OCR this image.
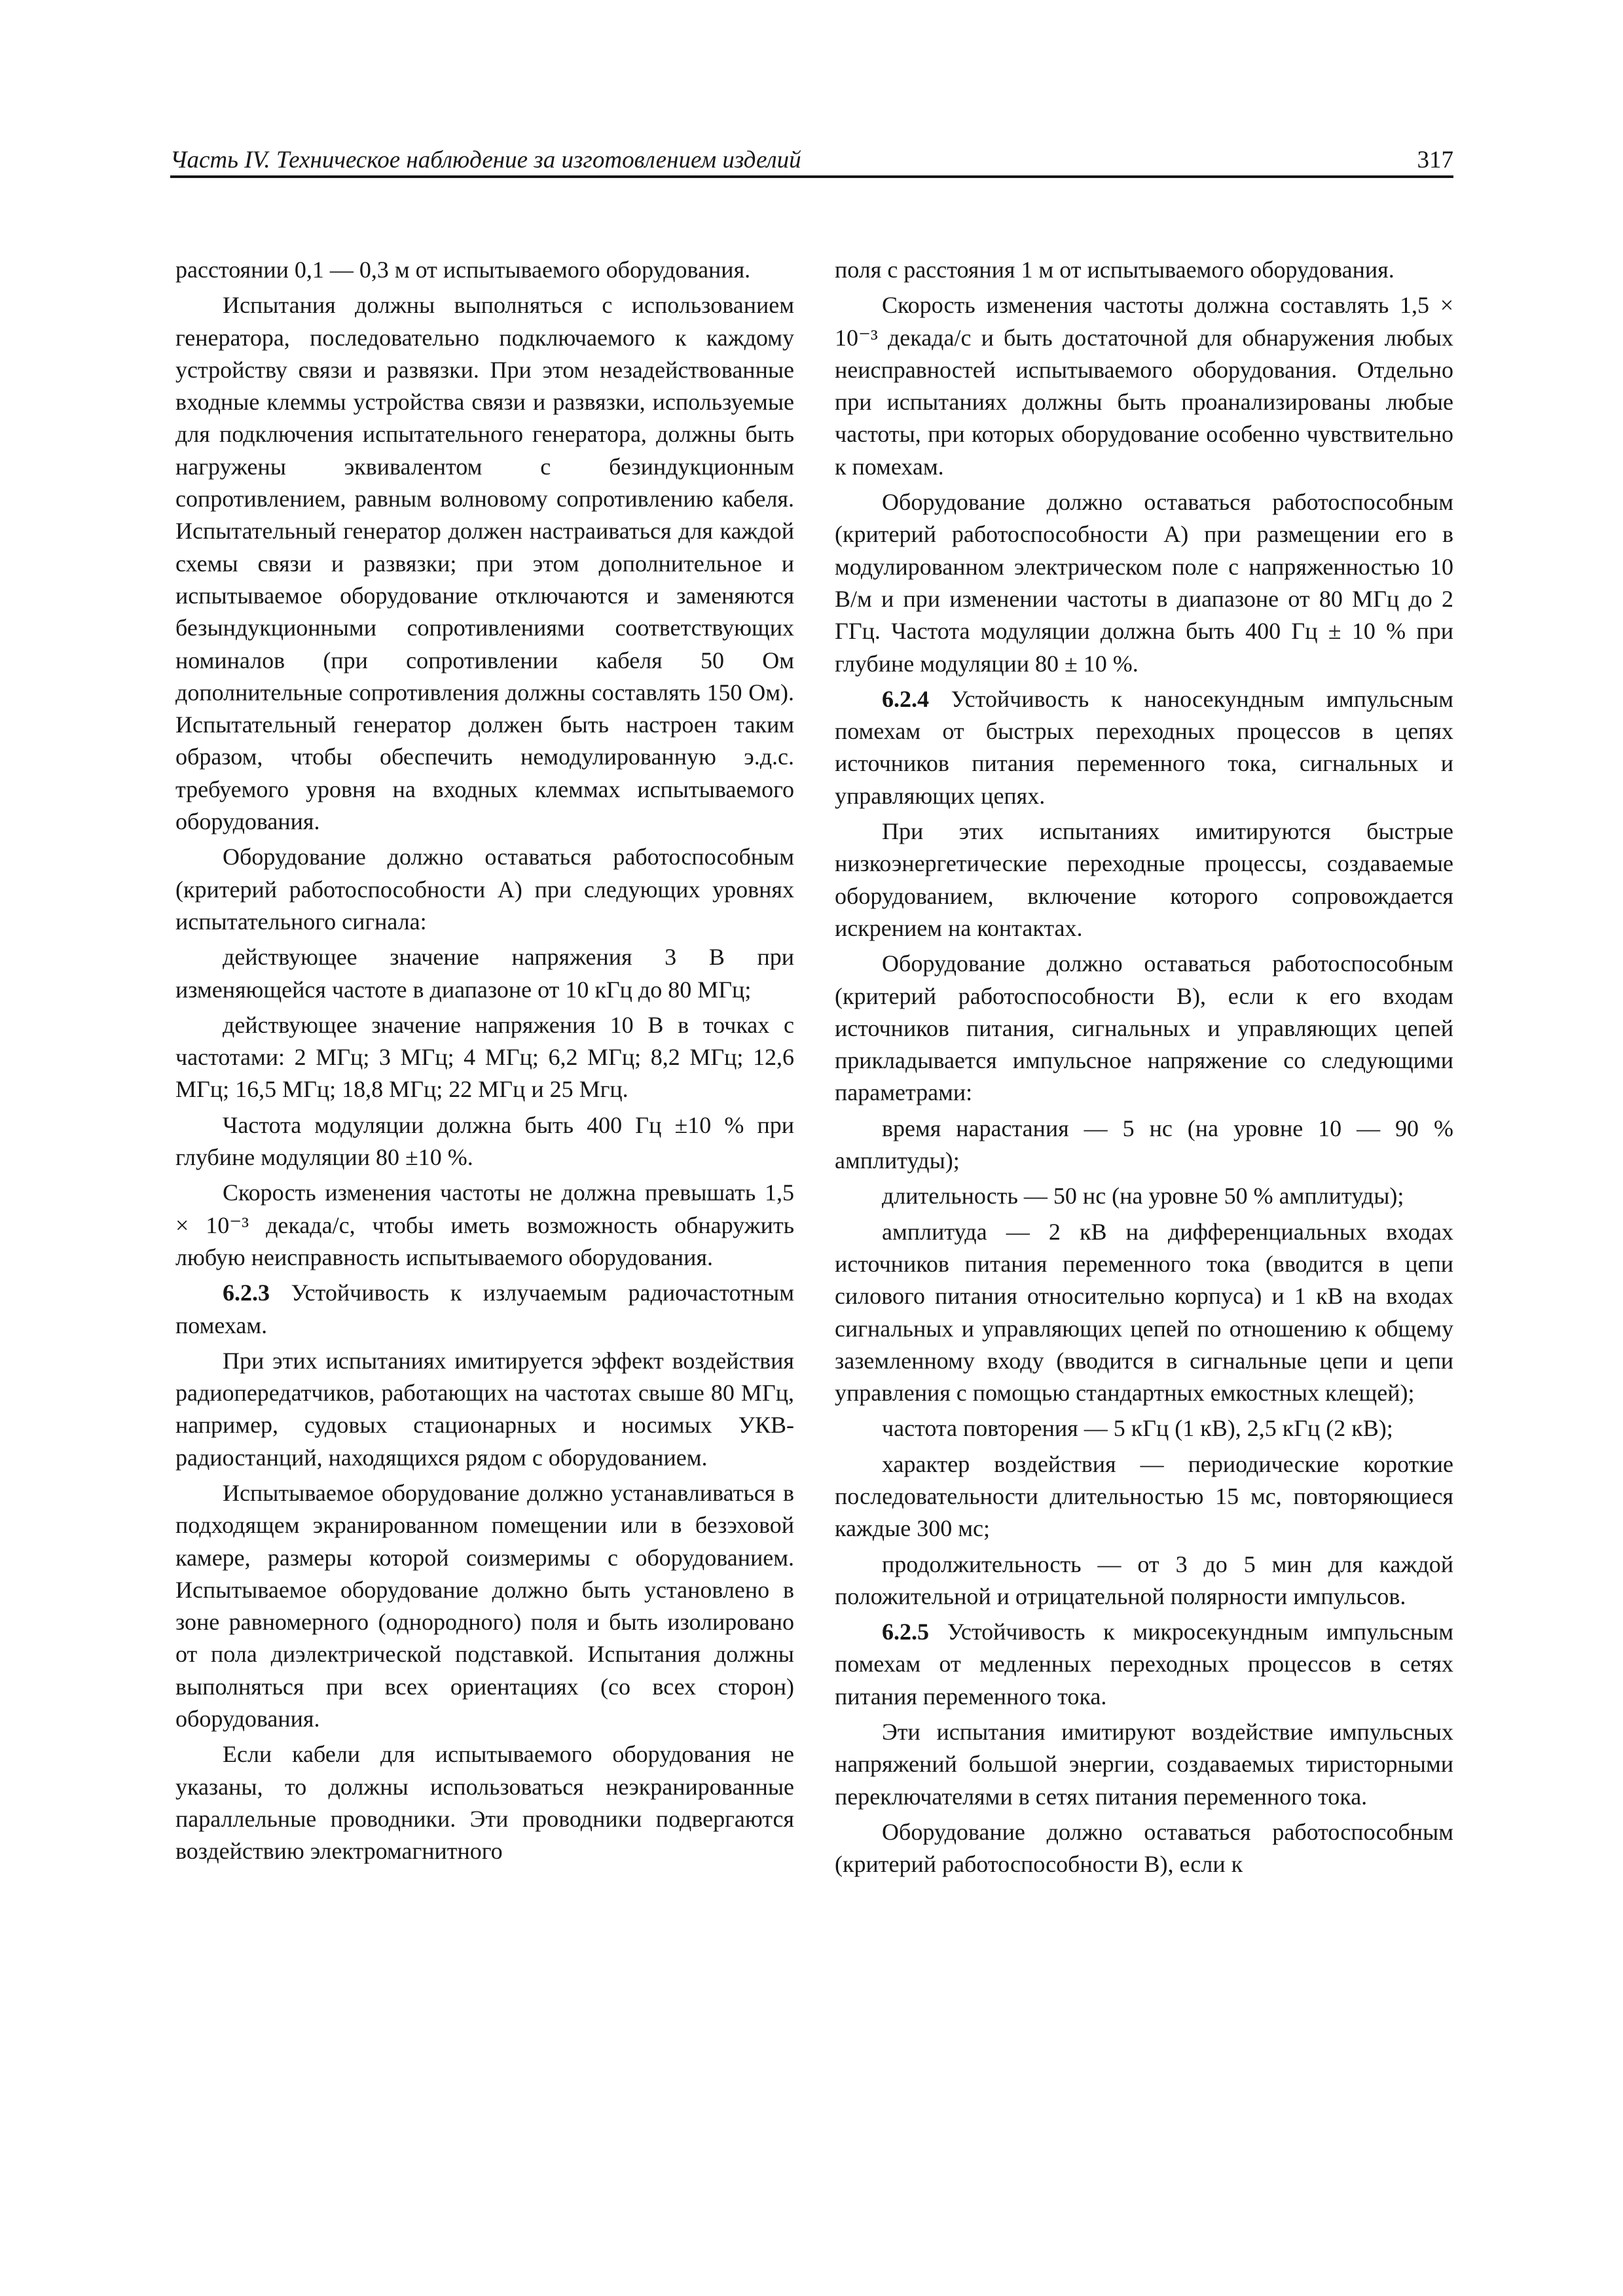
Часть IV. Техническое наблюдение за изготовлением изделий	317

расстоянии 0,1 — 0,3 м от испытываемого оборудования.

Испытания должны выполняться с использованием генератора, последовательно подключаемого к каждому устройству связи и развязки. При этом незадействованные входные клеммы устройства связи и развязки, используемые для подключения испытательного генератора, должны быть нагружены эквивалентом с безиндукционным сопротивлением, равным волновому сопротивлению кабеля. Испытательный генератор должен настраиваться для каждой схемы связи и развязки; при этом дополнительное и испытываемое оборудование отключаются и заменяются безындукционными сопротивлениями соответствующих номиналов (при сопротивлении кабеля 50 Ом дополнительные сопротивления должны составлять 150 Ом). Испытательный генератор должен быть настроен таким образом, чтобы обеспечить немодулированную э.д.с. требуемого уровня на входных клеммах испытываемого оборудования.

Оборудование должно оставаться работоспособным (критерий работоспособности А) при следующих уровнях испытательного сигнала:

действующее значение напряжения 3 В при изменяющейся частоте в диапазоне от 10 кГц до 80 МГц;

действующее значение напряжения 10 В в точках с частотами: 2 МГц; 3 МГц; 4 МГц; 6,2 МГц; 8,2 МГц; 12,6 МГц; 16,5 МГц; 18,8 МГц; 22 МГц и 25 Мгц.

Частота модуляции должна быть 400 Гц ±10 % при глубине модуляции 80 ±10 %.

Скорость изменения частоты не должна превышать 1,5 × 10⁻³ декада/с, чтобы иметь возможность обнаружить любую неисправность испытываемого оборудования.

6.2.3 Устойчивость к излучаемым радиочастотным помехам.

При этих испытаниях имитируется эффект воздействия радиопередатчиков, работающих на частотах свыше 80 МГц, например, судовых стационарных и носимых УКВ-радиостанций, находящихся рядом с оборудованием.

Испытываемое оборудование должно устанавливаться в подходящем экранированном помещении или в безэховой камере, размеры которой соизмеримы с оборудованием. Испытываемое оборудование должно быть установлено в зоне равномерного (однородного) поля и быть изолировано от пола диэлектрической подставкой. Испытания должны выполняться при всех ориентациях (со всех сторон) оборудования.

Если кабели для испытываемого оборудования не указаны, то должны использоваться неэкранированные параллельные проводники. Эти проводники подвергаются воздействию электромагнитного

поля с расстояния 1 м от испытываемого оборудования.

Скорость изменения частоты должна составлять 1,5 × 10⁻³ декада/с и быть достаточной для обнаружения любых неисправностей испытываемого оборудования. Отдельно при испытаниях должны быть проанализированы любые частоты, при которых оборудование особенно чувствительно к помехам.

Оборудование должно оставаться работоспособным (критерий работоспособности А) при размещении его в модулированном электрическом поле с напряженностью 10 В/м и при изменении частоты в диапазоне от 80 МГц до 2 ГГц. Частота модуляции должна быть 400 Гц ± 10 % при глубине модуляции 80 ± 10 %.

6.2.4 Устойчивость к наносекундным импульсным помехам от быстрых переходных процессов в цепях источников питания переменного тока, сигнальных и управляющих цепях.

При этих испытаниях имитируются быстрые низкоэнергетические переходные процессы, создаваемые оборудованием, включение которого сопровождается искрением на контактах.

Оборудование должно оставаться работоспособным (критерий работоспособности В), если к его входам источников питания, сигнальных и управляющих цепей прикладывается импульсное напряжение со следующими параметрами:

время нарастания — 5 нс (на уровне 10 — 90 % амплитуды);

длительность — 50 нс (на уровне 50 % амплитуды);

амплитуда — 2 кВ на дифференциальных входах источников питания переменного тока (вводится в цепи силового питания относительно корпуса) и 1 кВ на входах сигнальных и управляющих цепей по отношению к общему заземленному входу (вводится в сигнальные цепи и цепи управления с помощью стандартных емкостных клещей);

частота повторения — 5 кГц (1 кВ), 2,5 кГц (2 кВ);

характер воздействия — периодические короткие последовательности длительностью 15 мс, повторяющиеся каждые 300 мс;

продолжительность — от 3 до 5 мин для каждой положительной и отрицательной полярности импульсов.

6.2.5 Устойчивость к микросекундным импульсным помехам от медленных переходных процессов в сетях питания переменного тока.

Эти испытания имитируют воздействие импульсных напряжений большой энергии, создаваемых тиристорными переключателями в сетях питания переменного тока.

Оборудование должно оставаться работоспособным (критерий работоспособности В), если к
